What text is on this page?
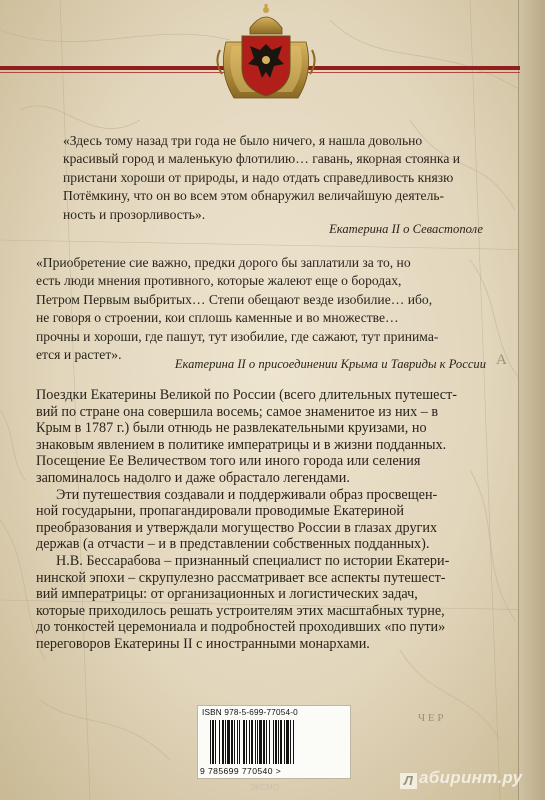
А
Ч Е Р
«Здесь тому назад три года не было ничего, я нашла довольно
красивый город и маленькую флотилию… гавань, якорная стоянка и
пристани хороши от природы, и надо отдать справедливость князю
Потёмкину, что он во всем этом обнаружил величайшую деятель-
ность и прозорливость».
Екатерина II о Севастополе
«Приобретение сие важно, предки дорого бы заплатили за то, но
есть люди мнения противного, которые жалеют еще о бородах,
Петром Первым выбритых… Степи обещают везде изобилие… ибо,
не говоря о строении, кои сплошь каменные и во множестве…
прочны и хороши, где пашут, тут изобилие, где сажают, тут принима-
ется и растет».
Екатерина II о присоединении Крыма и Тавриды к России
Поездки Екатерины Великой по России (всего длительных путешест-
вий по стране она совершила восемь; самое знаменитое из них – в
Крым в 1787 г.) были отнюдь не развлекательными круизами, но
знаковым явлением в политике императрицы и в жизни подданных.
Посещение Ее Величеством того или иного города или селения
запоминалось надолго и даже обрастало легендами.
Эти путешествия создавали и поддерживали образ просвещен-
ной государыни, пропагандировали проводимые Екатериной
преобразования и утверждали могущество России в глазах других
держав (а отчасти – и в представлении собственных подданных).
Н.В. Бессарабова – признанный специалист по истории Екатери-
нинской эпохи – скрупулезно рассматривает все аспекты путешест-
вий императрицы: от организационных и логистических задач,
которые приходилось решать устроителям этих масштабных турне,
до тонкостей церемониала и подробностей проходивших «по пути»
переговоров Екатерины II с иностранными монархами.
ISBN 978-5-699-77054-0
9 785699 770540 >
ЭКСМО	Л абиринт.ру
